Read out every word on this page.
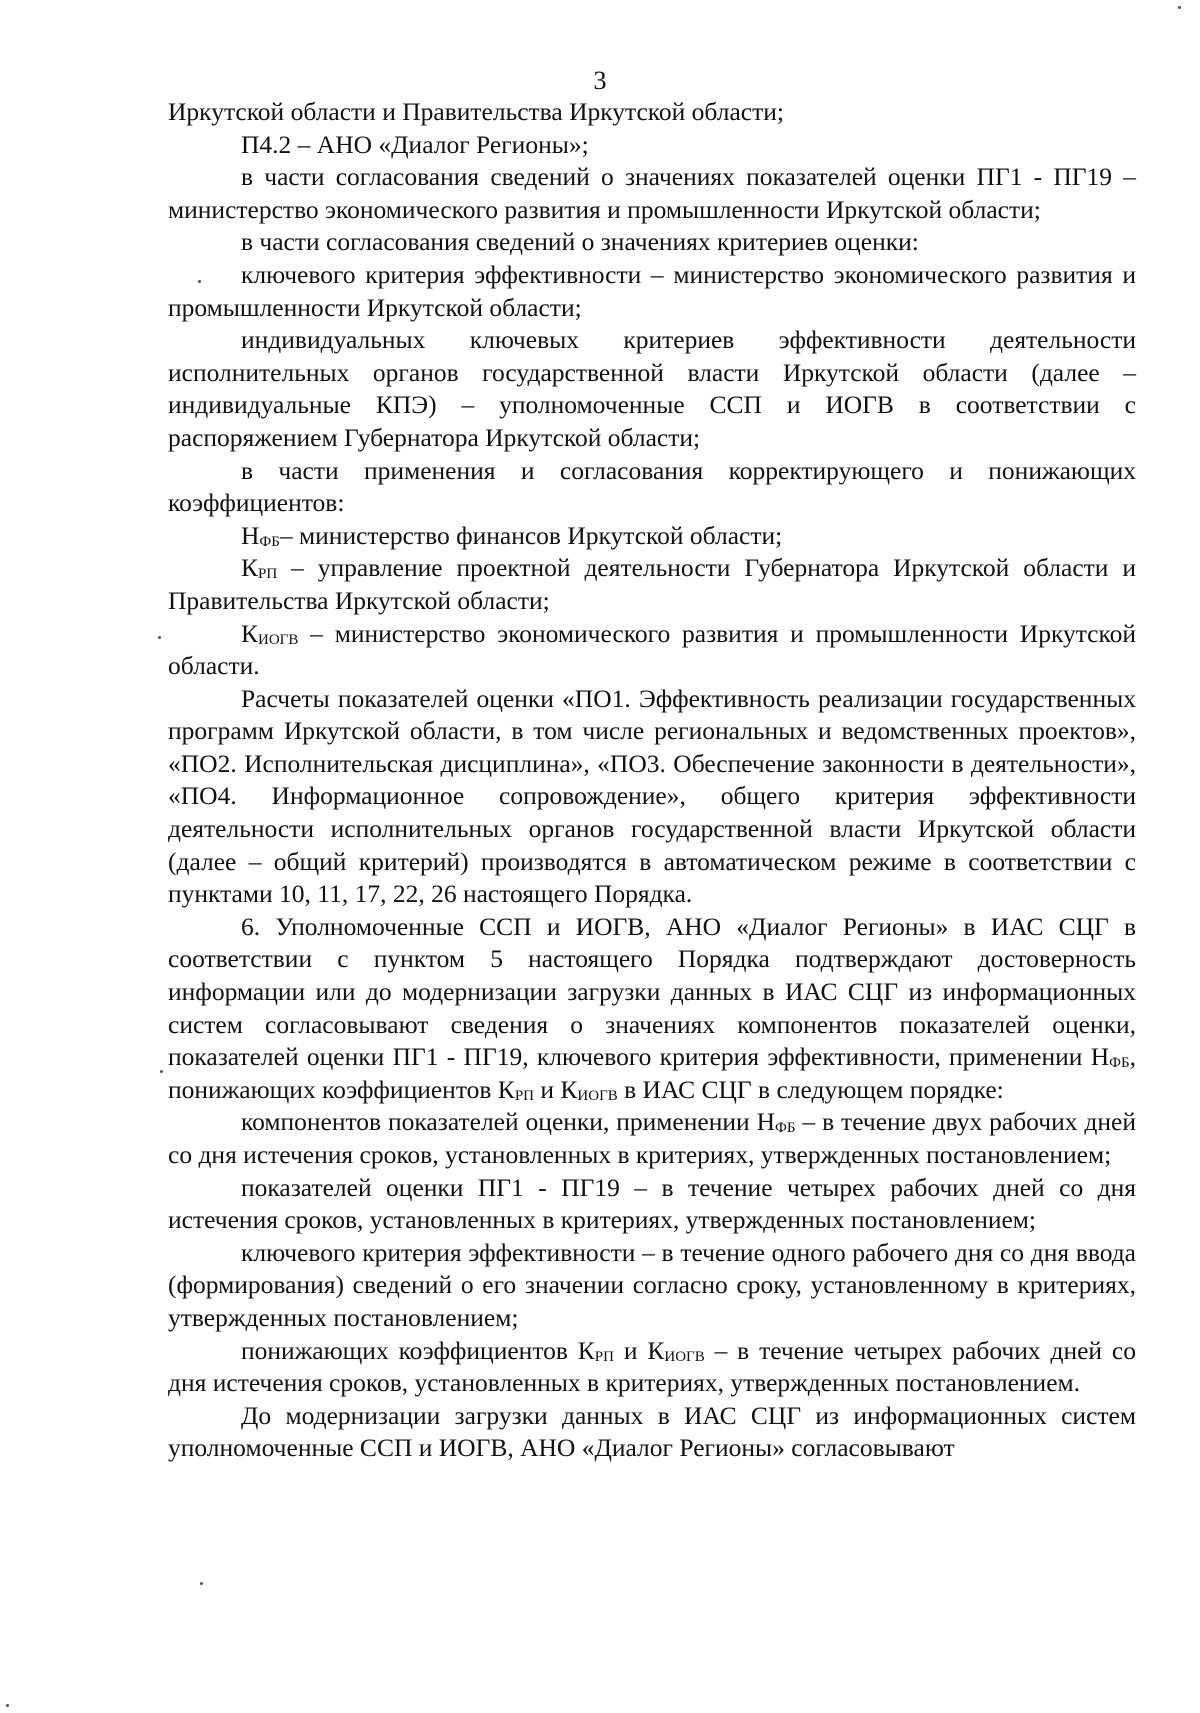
3

Иркутской области и Правительства Иркутской области;

П4.2 – АНО «Диалог Регионы»;

в части согласования сведений о значениях показателей оценки ПГ1 - ПГ19 – министерство экономического развития и промышленности Иркутской области;

в части согласования сведений о значениях критериев оценки:

ключевого критерия эффективности – министерство экономического развития и промышленности Иркутской области;

индивидуальных ключевых критериев эффективности деятельности исполнительных органов государственной власти Иркутской области (далее – индивидуальные КПЭ) – уполномоченные ССП и ИОГВ в соответствии с распоряжением Губернатора Иркутской области;

в части применения и согласования корректирующего и понижающих коэффициентов:

НФБ– министерство финансов Иркутской области;

КРП – управление проектной деятельности Губернатора Иркутской области и Правительства Иркутской области;

КИОГВ – министерство экономического развития и промышленности Иркутской области.

Расчеты показателей оценки «ПО1. Эффективность реализации государственных программ Иркутской области, в том числе региональных и ведомственных проектов», «ПО2. Исполнительская дисциплина», «ПО3. Обеспечение законности в деятельности», «ПО4. Информационное сопровождение», общего критерия эффективности деятельности исполнительных органов государственной власти Иркутской области (далее – общий критерий) производятся в автоматическом режиме в соответствии с пунктами 10, 11, 17, 22, 26 настоящего Порядка.

6. Уполномоченные ССП и ИОГВ, АНО «Диалог Регионы» в ИАС СЦГ в соответствии с пунктом 5 настоящего Порядка подтверждают достоверность информации или до модернизации загрузки данных в ИАС СЦГ из информационных систем согласовывают сведения о значениях компонентов показателей оценки, показателей оценки ПГ1 - ПГ19, ключевого критерия эффективности, применении НФБ, понижающих коэффициентов КРП и КИОГВ в ИАС СЦГ в следующем порядке:

компонентов показателей оценки, применении НФБ – в течение двух рабочих дней со дня истечения сроков, установленных в критериях, утвержденных постановлением;

показателей оценки ПГ1 - ПГ19 – в течение четырех рабочих дней со дня истечения сроков, установленных в критериях, утвержденных постановлением;

ключевого критерия эффективности – в течение одного рабочего дня со дня ввода (формирования) сведений о его значении согласно сроку, установленному в критериях, утвержденных постановлением;

понижающих коэффициентов КРП и КИОГВ – в течение четырех рабочих дней со дня истечения сроков, установленных в критериях, утвержденных постановлением.

До модернизации загрузки данных в ИАС СЦГ из информационных систем уполномоченные ССП и ИОГВ, АНО «Диалог Регионы» согласовывают
